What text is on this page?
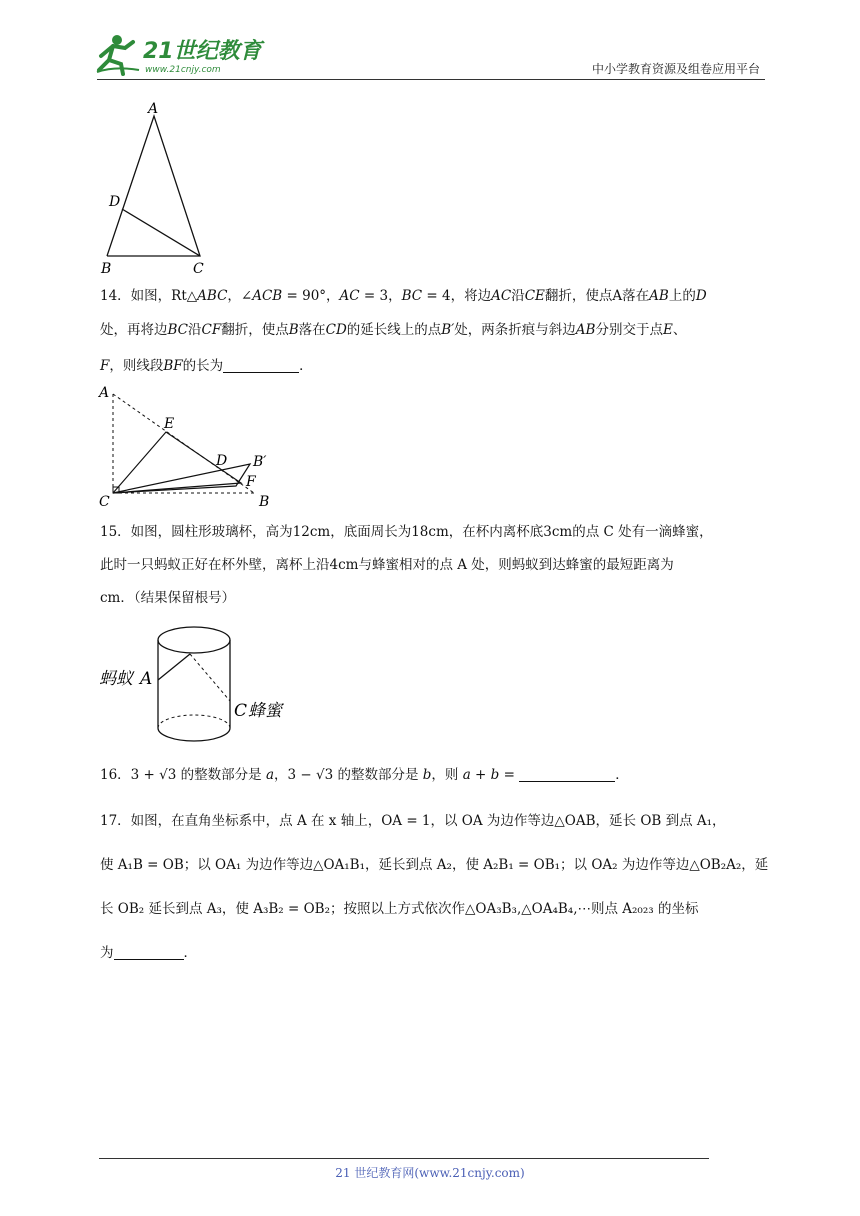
21世纪教育
www.21cnjy.com	中小学教育资源及组卷应用平台
A
D
B	C
14．如图，Rt△ABC，∠ACB = 90°，AC = 3，BC = 4，将边AC沿CE翻折，使点A落在AB上的D
处，再将边BC沿CF翻折，使点B落在CD的延长线上的点B′处，两条折痕与斜边AB分别交于点E、
F，则线段BF的长为	．
A
E
D B′
F
C	B
15．如图，圆柱形玻璃杯，高为12cm，底面周长为18cm，在杯内离杯底3cm的点 C 处有一滴蜂蜜，
此时一只蚂蚁正好在杯外壁，离杯上沿4cm与蜂蜜相对的点 A 处，则蚂蚁到达蜂蜜的最短距离为
cm．（结果保留根号）
蚂蚁 A
C 蜂蜜
16．3 + √3 的整数部分是 a，3 − √3 的整数部分是 b，则 a + b =	．
17．如图，在直角坐标系中，点 A 在 x 轴上，OA = 1，以 OA 为边作等边△OAB，延长 OB 到点 A₁，
使 A₁B = OB；以 OA₁ 为边作等边△OA₁B₁，延长到点 A₂，使 A₂B₁ = OB₁；以 OA₂ 为边作等边△OB₂A₂，延
长 OB₂ 延长到点 A₃，使 A₃B₂ = OB₂；按照以上方式依次作△OA₃B₃,△OA₄B₄,⋯则点 A₂₀₂₃ 的坐标
为	．
21 世纪教育网(www.21cnjy.com)
